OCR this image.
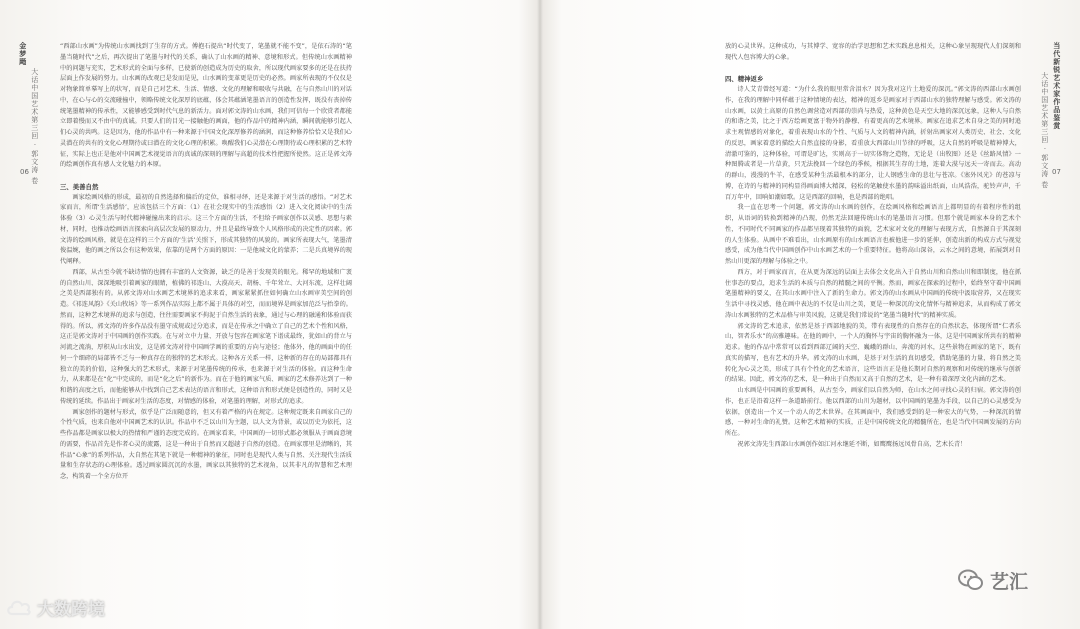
金梦飏
大话中国艺术第三回 · 郭文涛 卷
06
当代新锐艺术家作品鉴赏
大话中国艺术第三回 · 郭文涛 卷 07

“西部山水画”为传统山水画找到了生存的方式。傅抱石提出“时代变了，笔墨就不能不变”，是依石涛的“笔墨当随时代”之后，再次提出了笔墨与时代的关系，确认了山水画的精神、意境和形式。但传统山水画精神中的问题与充实，艺术形式的全面与多样，已使新的创造成为历史的取舍，所以现代画家要多的还是在扶持层面上作发展的努力。山水画的改观已是发而是见，山水画的变革更是历史的必然。画家所表现的不仅仅是对物象简单摹写上的状写，而是自己对艺术、生活、情感、文化的理解和吸收与共融，在与自然山川的对话中，在心与心的交流碰撞中，领略传统文化深厚的底蕴，体会其蕴涵笔墨语言的创造性发挥，既没有丧掉传统笔墨精神的传承性，又能够感受到时代气息的新活力。面对郭文涛的山水画，我们可信每一个欣赏者都能立即着慢而又不由中的真诚。只要人们的目光一接触他的画面，他的作品中的精神内涵，瞬间就能够引起人们心灵的共鸣。这是因为，他的作品中有一种来源于中国文化深厚修养的涵润，而这种修养恰恰又是我们心灵潜在的共有的文化心理期待或曰潜在的文化心理的积累。唤醒我们心灵潜在心理期待或心理积累的艺术特征，实际上也正是他对中国画艺术视觉语言的真诚的深刻的理解与高超的技术性把握所使然。这正是郭文涛的绘画创作真有感人文化魅力的本原。

三、美善自然

画家绘画风格的形成，最初的自然选择和偏后的定位，谁相寻绎，还是来源于对生活的感悟。“对艺术家而言，所谓‘生活感悟’，应该包括三个方面：（1）在社会现实中的生活感悟（2）进入文化阅读中的生活体验（3）心灵生活与时代精神碰撞出来的启示。这三个方面的生活，不但给予画家创作以灵感、思想与素材，同时，也推动绘画语言探索向高层次发展的原动力，并且是最终导致个人风格形成的决定性的因素。郭文涛的绘画风格，就是在这样的三个方面的‘生活’关照下，形成其独特的风貌的。画家所表现大气，笔墨清俊温婉，他的画之所以会有这种效果，依靠的是两个方面的原因：一是他城文化的蒙养；二是兵真境界的现代阐释。

西部，从古至今就不缺诗情的也拥有丰富的人文资源，缺乏的是善于发现美的眼光。稀罕的地域和广袤的自然山川、深深地吸引着画家的眼睛，植佛的祁连山、大漠高天、胡杨、千年耸立、大河东流，这样壮阔之美是西部独有的。从郭文涛对山水画艺术境界的追求来看，画家紧紧抓住如何确立山水画审美空间的创造。《祁连风韵》《关山牧场》等一系列作品实际上都不属于具体的对空，而而境界是画家加范泛与抬拳的。然而，这种艺术境界的追求与创造，往往需要画家不拘泥于自然生活的表象，通过与心理的融通和体验而获得的。所以，郭文涛的许多作品没有墨守成规或过分追求，而是在传承之中确立了自己的艺术个性和风格，这正是郭文涛对于中国画的创作实践。在与对立中力量、开放与包容在画家笔下谱成最终，犹如山的背立与河流之流淌，厚积从山水出发，这是郭文涛对待中国画学画的重要的方向与途径；他体外，他的画面中的任何一个细碎的局部皆不乏与一种真存在的独特的艺术形式。这种各方关系一样，这种新的存在的局部都具有独立的美的价值，这种强大的艺术形式，来源于对笔墨传统的传承，也来源于对生活的体验。而这种生命力，从来都是在“化”中完成的，而是“化之后”的新作为。而在于他的画家气质、画家的艺术修养达到了一种和谐的高度之后，而他能够从中找到自己艺术表达的语言和形式，这种语言和形式便是创造性的，同时又是传统的延续。作品出于画家对生活的态度，对情感的体验，对笔墨的理解，对形式的追求。

画家创作的题材与形式，似乎是广泛而随意的，但又有着严格的内在规定。这种规定既来自画家自己的个性气质，也来自他对中国画艺术的认识。作品中不乏以山川为主题，以人文为背景，或以历史为依托，这些作品都是画家以极大的热情和严谨的态度完成的。在画家看来，中国画的一切形式都必须服从于画面意境的需要，作品首先是作者心灵的流露，这是一种出于自然而又超越于自然的创造。在画家那里是清晰的，其作品“心象”的系列作品，大自然在其笔下就是一种精神的象征，同时也是现代人类与自然、关注现代生活质量和生存状态的心理体验。透过画家圆沉沉的水墨，画家以其独特的艺术视角，以其非凡的智慧和艺术理念，构筑着一个全方位开

放的心灵世界。这种成功，与其博学、宽容的治学思想和艺术实践息息相关，这种心象呈现现代人们深刻和现代人包容博大的心象。

四、精神返乡

诗人艾青曾经写道：“为什么我的眼里常含泪水？因为我对这片土地爱的深沉。”郭文涛的西部山水画创作，在我的理解中同样蕴于这种情境的表达，精神的返乡是画家对于西部山水的独特理解与感受。郭文涛的山水画，以黄土高原的自然色调营造对西部的崇尚与热爱，这种黄色是天空大地的深沉远象，这种人与自然的和谐之美，比之于西方绘画更富于物外的静穆、有着更高的艺术境界。画家在追求艺术自身之美的同时追求主观情感的对象化，着重表现山水的个性、气质与人文的精神内涵，折射出画家对人类历史、社会、文化的反思，画家着意的描绘大自然直接的身影，看重放大西部山川节律的呼吸，这大自然的呼吸是精神博大，清澈可鉴的，这种体验，可谓是旷达，实则高于一切实体物之造物，无论是（出牧图）还是《丝路风情》一种图腾或者是一片草黄，只无法挽回一个绿色的季候，根据其生存的土地，连着大漠与远天一寄而去。高动的群山，漫漫的牛羊，在感受某种生活最根本的部分，让人钢感生命的悲壮与苍凉。《塞外风光》的苍凉与博，在诗的与精神的同构显得画面博大精深，轻松的笔触使水墨的韵味溢出纸面，山风浩浩，驼铃声声，千百万年中，回响如潮如歌。这是西部的回响，也是西部的绝唱。

我一直在思考一个问题，郭文涛的山水画的创作，在绘画风格和绘画语言上都明显的有着程序性的组织，从语词的转换到精神的凸现，仍然无法回避传统山水的笔墨语言习惯。但那个就是画家本身的艺术个性，不同时代不同画家的作品都呈现着其独特的面貌，艺术家对文化的理解与表现方式，自然源自于其深刻的人生体验。从画中不难看出，山水画原有的山水画语言也被他进一步的延伸，创造出新的构成方式与视觉感受，成为他当代中国画创作中山水画艺术的一个重要特征。他将高山深谷，云水之间的意境，拓展到对自然山川更深的理解与体验之中。

西方，对于画家而言，在从更为深远的层面上去体会文化出入于自然山川和自然山川和即制度，他在抓住事态的要点，追求生活的本质与自然的精髓之间的平衡。然而，画家在探索的过程中，始终坚守着中国画笔墨精神的要义，在其山水画中注入了新的生命力。郭文涛的山水画从中国画的传统中汲取营养，又在现实生活中寻找灵感，他在画中表达的不仅是山川之美，更是一种深沉的文化情怀与精神追求，从而构成了郭文涛山水画独特的艺术品格与审美风貌，这就是我们常说的“笔墨当随时代”的精神实质。

郭文涛的艺术追求，依然是基于西部地貌的美，带有表现性的自然存在的自然状态，体现所谓“仁者乐山，智者乐水”的高雅趣味。在他的画中，一个人的胸怀与宇宙的胸怀融为一体，这是中国画家所共有的精神追求。他的作品中常常可以看到西部辽阔的天空、巍峨的群山、奔流的河水，这些景物在画家的笔下，既有真实的描写，也有艺术的升华。郭文涛的山水画，是基于对生活的真切感受，借助笔墨的力量，将自然之美转化为心灵之美，形成了具有个性化的艺术语言，这些语言正是他长期对自然的观察和对传统的继承与创新的结果。因此，郭文涛的艺术，是一种出于自然而又高于自然的艺术，是一种有着深厚文化内涵的艺术。

山水画是中国画的重要画科，从古至今，画家们以自然为师，在山水之间寻找心灵的归宿。郭文涛的创作，也正是沿着这样一条道路前行。他以西部的山川为题材，以中国画的笔墨为手段，以自己的心灵感受为依据，创造出一个又一个动人的艺术世界。在其画面中，我们感受到的是一种宏大的气势，一种深沉的情感，一种对生命的礼赞。这种艺术精神的实质，正是中国传统文化的精髓所在，也是当代中国画发展的方向所在。

祝郭文涛先生西部山水画创作如江河永继延不断，如鹰鹰扬远凤骨自高，艺术长青！

大数跨境
艺汇
